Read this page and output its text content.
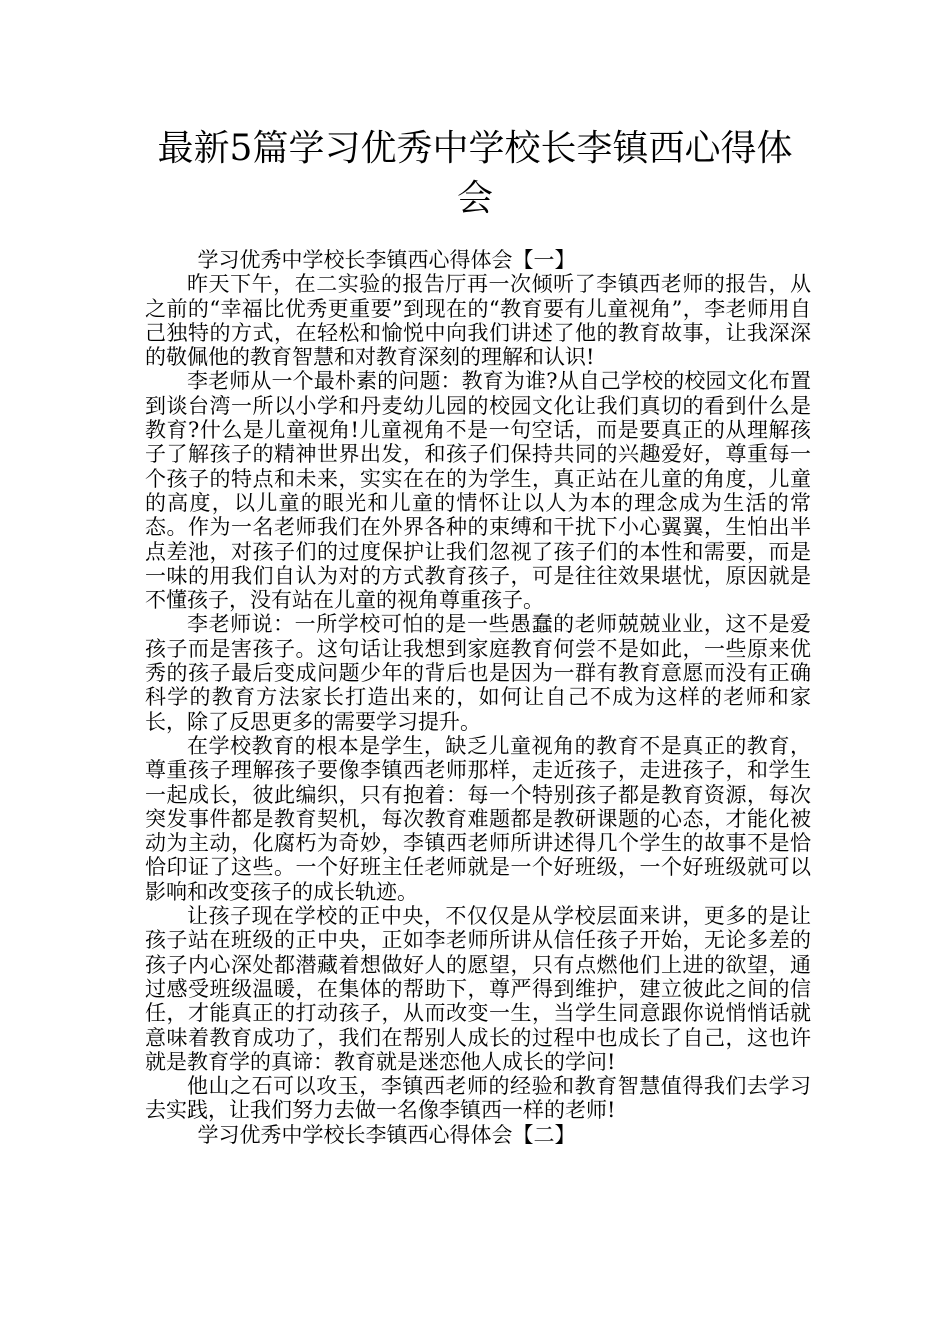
最新5篇学习优秀中学校长李镇西心得体
会

学习优秀中学校长李镇西心得体会【一】

昨天下午，在二实验的报告厅再一次倾听了李镇西老师的报告，从之前的“幸福比优秀更重要”到现在的“教育要有儿童视角”，李老师用自己独特的方式，在轻松和愉悦中向我们讲述了他的教育故事，让我深深的敬佩他的教育智慧和对教育深刻的理解和认识!

李老师从一个最朴素的问题：教育为谁?从自己学校的校园文化布置到谈台湾一所以小学和丹麦幼儿园的校园文化让我们真切的看到什么是教育?什么是儿童视角!儿童视角不是一句空话，而是要真正的从理解孩子了解孩子的精神世界出发，和孩子们保持共同的兴趣爱好，尊重每一个孩子的特点和未来，实实在在的为学生，真正站在儿童的角度，儿童的高度，以儿童的眼光和儿童的情怀让以人为本的理念成为生活的常态。作为一名老师我们在外界各种的束缚和干扰下小心翼翼，生怕出半点差池，对孩子们的过度保护让我们忽视了孩子们的本性和需要，而是一味的用我们自认为对的方式教育孩子，可是往往效果堪忧，原因就是不懂孩子，没有站在儿童的视角尊重孩子。

李老师说：一所学校可怕的是一些愚蠢的老师兢兢业业，这不是爱孩子而是害孩子。这句话让我想到家庭教育何尝不是如此，一些原来优秀的孩子最后变成问题少年的背后也是因为一群有教育意愿而没有正确科学的教育方法家长打造出来的，如何让自己不成为这样的老师和家长，除了反思更多的需要学习提升。

在学校教育的根本是学生，缺乏儿童视角的教育不是真正的教育，尊重孩子理解孩子要像李镇西老师那样，走近孩子，走进孩子，和学生一起成长，彼此编织，只有抱着：每一个特别孩子都是教育资源，每次突发事件都是教育契机，每次教育难题都是教研课题的心态，才能化被动为主动，化腐朽为奇妙，李镇西老师所讲述得几个学生的故事不是恰恰印证了这些。一个好班主任老师就是一个好班级，一个好班级就可以影响和改变孩子的成长轨迹。

让孩子现在学校的正中央，不仅仅是从学校层面来讲，更多的是让孩子站在班级的正中央，正如李老师所讲从信任孩子开始，无论多差的孩子内心深处都潜藏着想做好人的愿望，只有点燃他们上进的欲望，通过感受班级温暖，在集体的帮助下，尊严得到维护，建立彼此之间的信任，才能真正的打动孩子，从而改变一生，当学生同意跟你说悄悄话就意味着教育成功了，我们在帮别人成长的过程中也成长了自己，这也许就是教育学的真谛：教育就是迷恋他人成长的学问!

他山之石可以攻玉，李镇西老师的经验和教育智慧值得我们去学习去实践，让我们努力去做一名像李镇西一样的老师!

学习优秀中学校长李镇西心得体会【二】
